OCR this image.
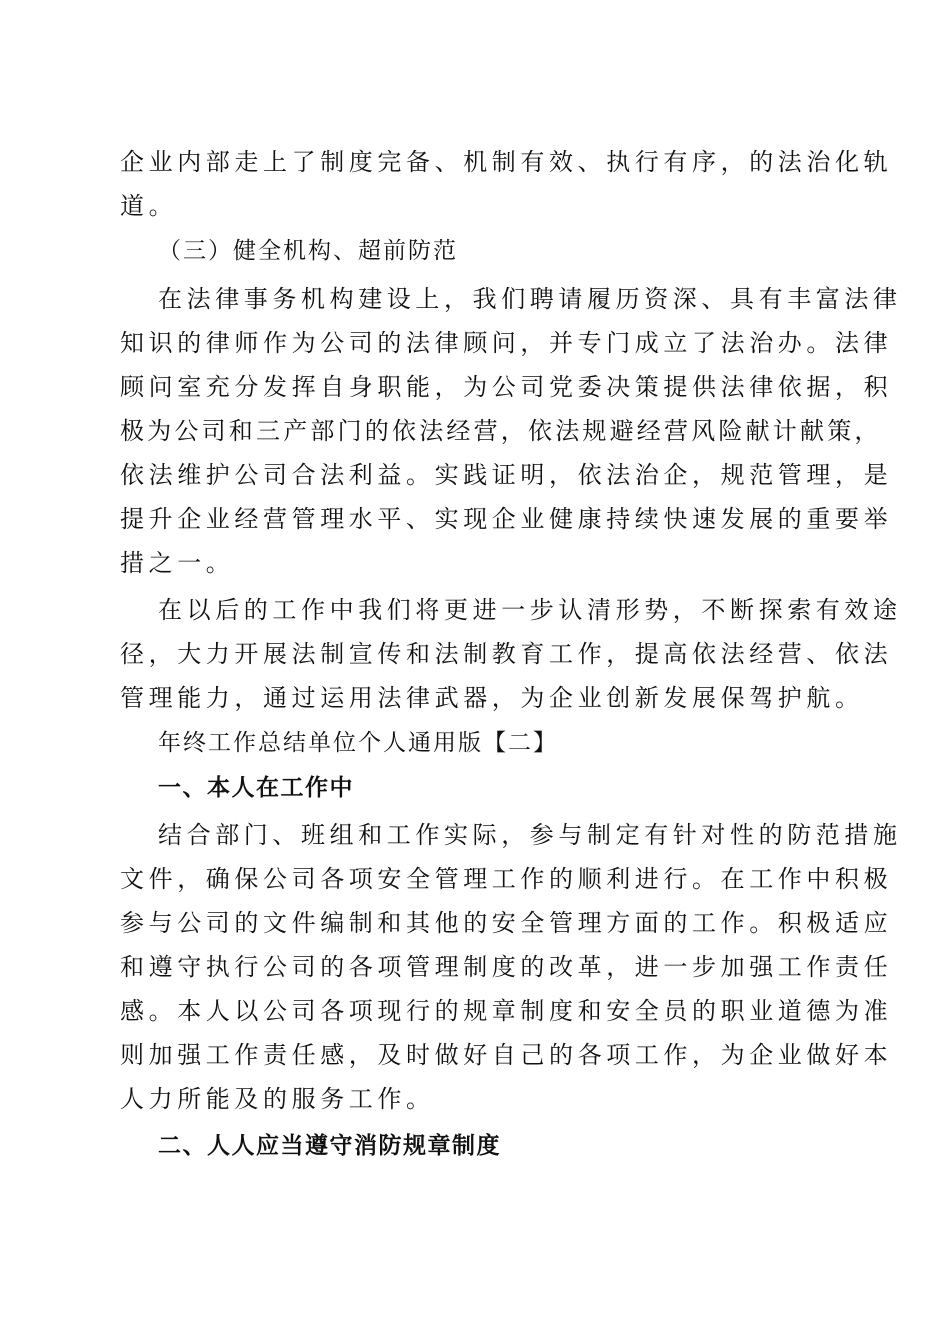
企业内部走上了制度完备、机制有效、执行有序，的法治化轨

道。

（三）健全机构、超前防范

在法律事务机构建设上，我们聘请履历资深、具有丰富法律

知识的律师作为公司的法律顾问，并专门成立了法治办。法律

顾问室充分发挥自身职能，为公司党委决策提供法律依据，积

极为公司和三产部门的依法经营，依法规避经营风险献计献策，

依法维护公司合法利益。实践证明，依法治企，规范管理，是

提升企业经营管理水平、实现企业健康持续快速发展的重要举

措之一。

在以后的工作中我们将更进一步认清形势，不断探索有效途

径，大力开展法制宣传和法制教育工作，提高依法经营、依法

管理能力，通过运用法律武器，为企业创新发展保驾护航。

年终工作总结单位个人通用版【二】

一、本人在工作中

结合部门、班组和工作实际，参与制定有针对性的防范措施

文件，确保公司各项安全管理工作的顺利进行。在工作中积极

参与公司的文件编制和其他的安全管理方面的工作。积极适应

和遵守执行公司的各项管理制度的改革，进一步加强工作责任

感。本人以公司各项现行的规章制度和安全员的职业道德为准

则加强工作责任感，及时做好自己的各项工作，为企业做好本

人力所能及的服务工作。

二、人人应当遵守消防规章制度
